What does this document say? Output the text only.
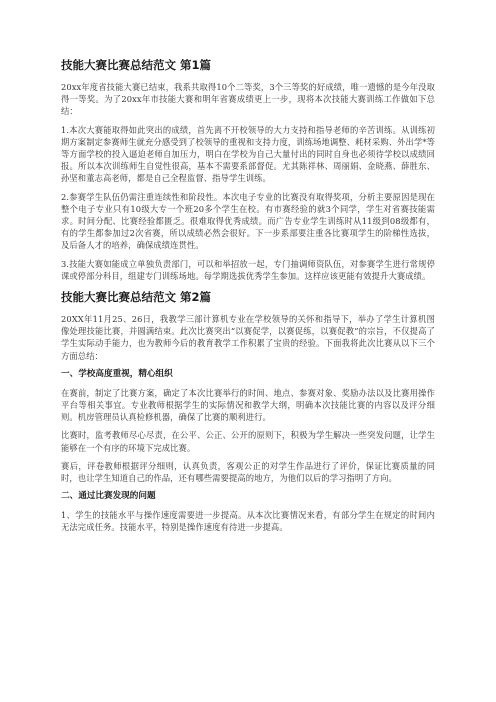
技能大赛比赛总结范文 第1篇

20xx年度省技能大赛已结束，我系共取得10个二等奖，3个三等奖的好成绩，唯一遗憾的是今年没取得一等奖。为了20xx年市技能大赛和明年省赛成绩更上一步，现将本次技能大赛训练工作做如下总结：

1.本次大赛能取得如此突出的成绩，首先离不开校领导的大力支持和指导老师的辛苦训练。从训练初期方案制定参赛师生就充分感受到了校领导的重视和支持力度，训练场地调整、耗材采购、外出学*等等方面学校的投入逼迫老师自加压力，明白在学校为自己大量付出的同时自身也必须待学校以成绩回报。所以本次训练师生自觉性很高，基本不需要系部督促。尤其陈祥林、周丽娟、金晓燕、薛胜东、孙坚和董志高老师，都是自己全程监督、指导学生训练。

2.参赛学生队伍仍需注重连续性和阶段性。本次电子专业的比赛没有取得奖项，分析主要原因是现在整个电子专业只有10级大专一个班20多个学生在校。有市赛经验的就3个同学，学生对省赛技能需求。时间分配、比赛经验都匮乏。很难取得优秀成绩。而广告专业学生训练时从11级到08级都有，有的学生都参加过2次省赛，所以成绩必然会很好。下一步系部要注重各比赛项学生的阶梯性选拔，及后备人才的培养，确保成绩连贯性。

3.技能大赛如能成立单独负责部门，可以和举招放一起，专门抽调师资队伍，对参赛学生进行常规停课或停部分科目，组建专门训练场地。每学期选拔优秀学生参加。这样应该更能有效提升大赛成绩。

技能大赛比赛总结范文 第2篇

20XX年11月25、26日，我教学三部计算机专业在学校领导的关怀和指导下，举办了学生计算机图像处理技能比赛，并圆满结束。此次比赛突出“以赛促学，以赛促练，以赛促教”的宗旨，不仅提高了学生实际动手能力，也为教师今后的教育教学工作积累了宝贵的经验。下面我将此次比赛从以下三个方面总结：

一、学校高度重视，精心组织

在赛前，制定了比赛方案，确定了本次比赛举行的时间、地点、参赛对象、奖励办法以及比赛用操作平台等相关事宜。专业教师根据学生的实际情况和教学大纲，明确本次技能比赛的内容以及评分细则。机房管理员认真检修机器，确保了比赛的顺利进行。

比赛时，监考教师尽心尽责，在公平、公正、公开的原则下，积极为学生解决一些突发问题，让学生能够在一个有序的环境下完成比赛。

赛后，评卷教师根据评分细则，认真负责，客观公正的对学生作品进行了评价，保证比赛质量的同时，也让学生知道自己的作品，还有哪些需要提高的地方，为他们以后的学习指明了方向。

二、通过比赛发现的问题

1、学生的技能水平与操作速度需要进一步提高。从本次比赛情况来看，有部分学生在规定的时间内无法完成任务。技能水平，特别是操作速度有待进一步提高。
